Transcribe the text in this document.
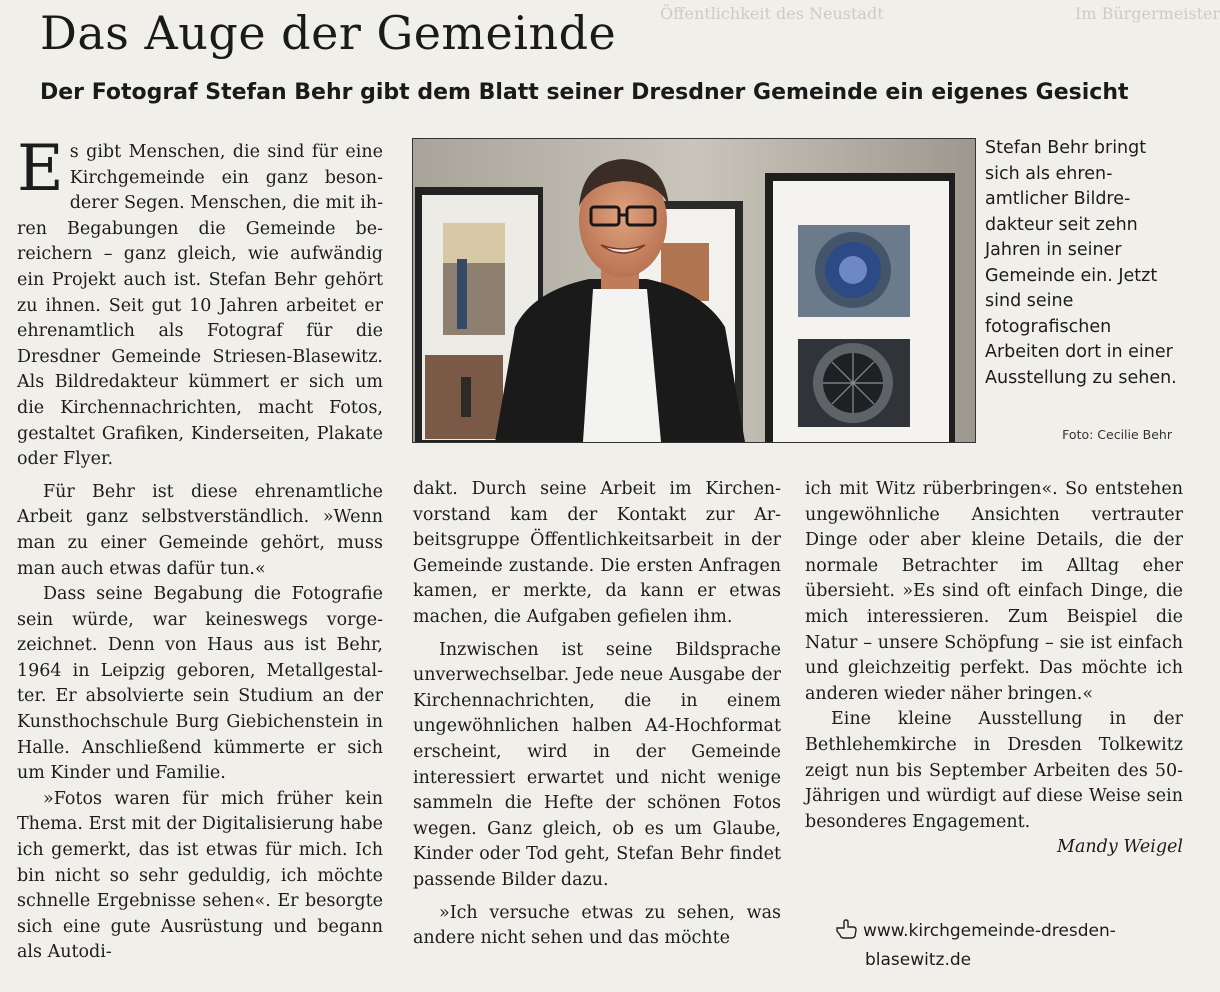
Im Bürgermeister
Öffentlichkeit des Neustadt
Das Auge der Gemeinde
Der Fotograf Stefan Behr gibt dem Blatt seiner Dresdner Gemeinde ein eigenes Gesicht

E s gibt Menschen, die sind für eine Kirchgemeinde ein ganz besonderer Segen. Menschen, die mit ihren Begabungen die Gemeinde bereichern – ganz gleich, wie aufwändig ein Projekt auch ist. Stefan Behr gehört zu ihnen. Seit gut 10 Jahren arbeitet er ehrenamtlich als Fotograf für die Dresdner Gemeinde Striesen-Blasewitz. Als Bildredakteur kümmert er sich um die Kirchennachrichten, macht Fotos, gestaltet Grafiken, Kinderseiten, Plakate oder Flyer.

Für Behr ist diese ehrenamtliche Arbeit ganz selbstverständlich. »Wenn man zu einer Gemeinde gehört, muss man auch etwas dafür tun.«

Dass seine Begabung die Fotografie sein würde, war keineswegs vorgezeichnet. Denn von Haus aus ist Behr, 1964 in Leipzig geboren, Metallgestalter. Er absolvierte sein Studium an der Kunsthochschule Burg Giebichenstein in Halle. Anschließend kümmerte er sich um Kinder und Familie.

»Fotos waren für mich früher kein Thema. Erst mit der Digitalisierung habe ich gemerkt, das ist etwas für mich. Ich bin nicht so sehr geduldig, ich möchte schnelle Ergebnisse sehen«. Er besorgte sich eine gute Ausrüstung und begann als Autodi-

Stefan Behr bringt sich als ehrenamtlicher Bildredakteur seit zehn Jahren in seiner Gemeinde ein. Jetzt sind seine fotografischen Arbeiten dort in einer Ausstellung zu sehen.

Foto: Cecilie Behr

dakt. Durch seine Arbeit im Kirchenvorstand kam der Kontakt zur Arbeitsgruppe Öffentlichkeitsarbeit in der Gemeinde zustande. Die ersten Anfragen kamen, er merkte, da kann er etwas machen, die Aufgaben gefielen ihm.

Inzwischen ist seine Bildsprache unverwechselbar. Jede neue Ausgabe der Kirchennachrichten, die in einem ungewöhnlichen halben A4-Hochformat erscheint, wird in der Gemeinde interessiert erwartet und nicht wenige sammeln die Hefte der schönen Fotos wegen. Ganz gleich, ob es um Glaube, Kinder oder Tod geht, Stefan Behr findet passende Bilder dazu.

»Ich versuche etwas zu sehen, was andere nicht sehen und das möchte

ich mit Witz rüberbringen«. So entstehen ungewöhnliche Ansichten vertrauter Dinge oder aber kleine Details, die der normale Betrachter im Alltag eher übersieht. »Es sind oft einfach Dinge, die mich interessieren. Zum Beispiel die Natur – unsere Schöpfung – sie ist einfach und gleichzeitig perfekt. Das möchte ich anderen wieder näher bringen.«

Eine kleine Ausstellung in der Bethlehemkirche in Dresden Tolkewitz zeigt nun bis September Arbeiten des 50-Jährigen und würdigt auf diese Weise sein besonderes Engagement.

Mandy Weigel

www.kirchgemeinde-dresden-
blasewitz.de
